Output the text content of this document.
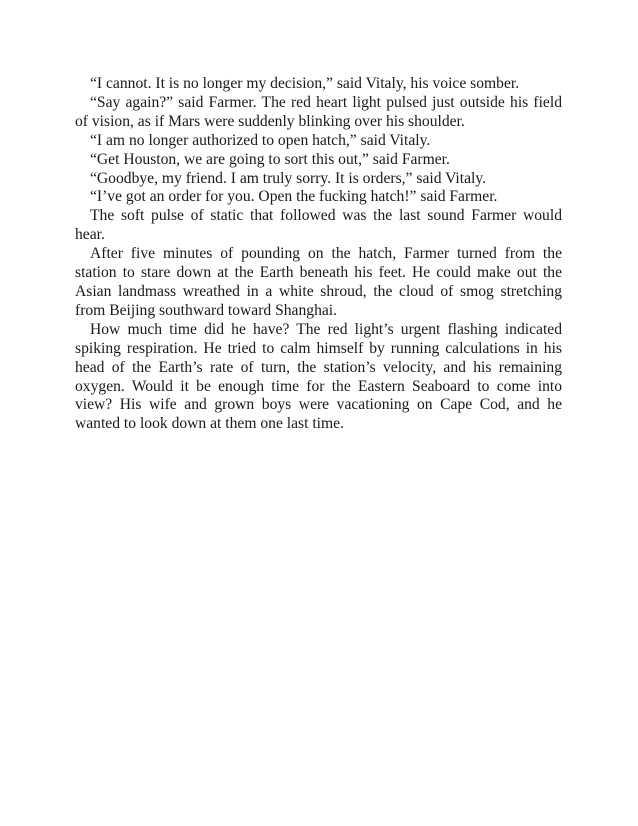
“I cannot. It is no longer my decision,” said Vitaly, his voice somber.

“Say again?” said Farmer. The red heart light pulsed just outside his field of vision, as if Mars were suddenly blinking over his shoulder.

“I am no longer authorized to open hatch,” said Vitaly.

“Get Houston, we are going to sort this out,” said Farmer.

“Goodbye, my friend. I am truly sorry. It is orders,” said Vitaly.

“I’ve got an order for you. Open the fucking hatch!” said Farmer.

The soft pulse of static that followed was the last sound Farmer would hear.

After five minutes of pounding on the hatch, Farmer turned from the station to stare down at the Earth beneath his feet. He could make out the Asian landmass wreathed in a white shroud, the cloud of smog stretching from Beijing southward toward Shanghai.

How much time did he have? The red light’s urgent flashing indicated spiking respiration. He tried to calm himself by running calculations in his head of the Earth’s rate of turn, the station’s velocity, and his remaining oxygen. Would it be enough time for the Eastern Seaboard to come into view? His wife and grown boys were vacationing on Cape Cod, and he wanted to look down at them one last time.
